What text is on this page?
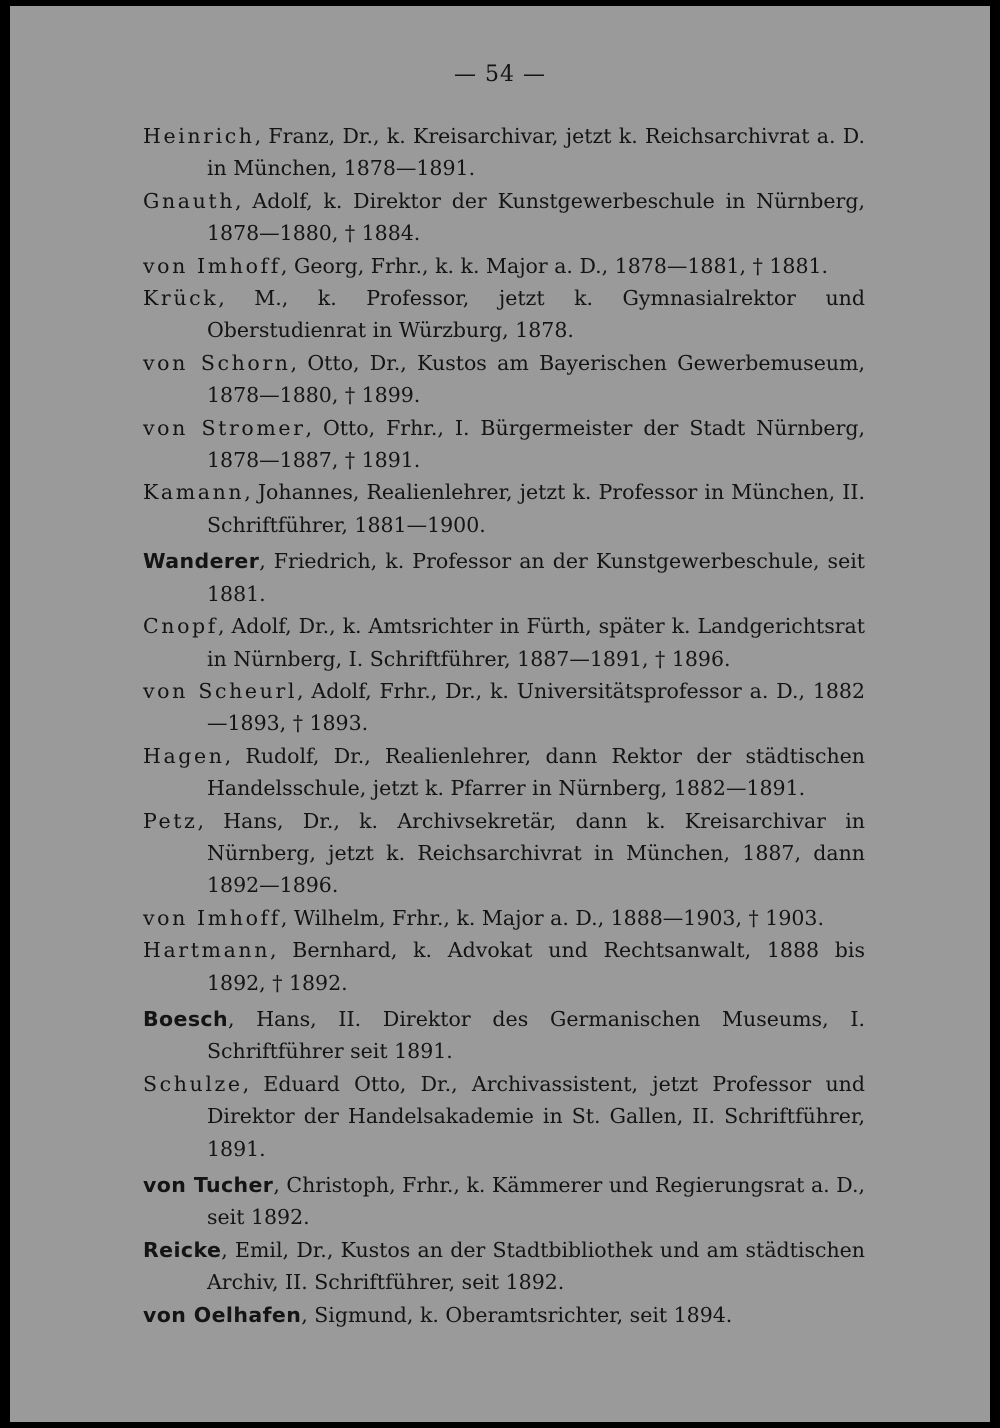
— 54 —

Heinrich, Franz, Dr., k. Kreisarchivar, jetzt k. Reichsarchivrat a. D. in München, 1878—1891.

Gnauth, Adolf, k. Direktor der Kunstgewerbeschule in Nürnberg, 1878—1880, † 1884.

von Imhoff, Georg, Frhr., k. k. Major a. D., 1878—1881, † 1881.

Krück, M., k. Professor, jetzt k. Gymnasialrektor und Oberstudienrat in Würzburg, 1878.

von Schorn, Otto, Dr., Kustos am Bayerischen Gewerbemuseum, 1878—1880, † 1899.

von Stromer, Otto, Frhr., I. Bürgermeister der Stadt Nürnberg, 1878—1887, † 1891.

Kamann, Johannes, Realienlehrer, jetzt k. Professor in München, II. Schriftführer, 1881—1900.

Wanderer, Friedrich, k. Professor an der Kunstgewerbeschule, seit 1881.

Cnopf, Adolf, Dr., k. Amtsrichter in Fürth, später k. Landgerichtsrat in Nürnberg, I. Schriftführer, 1887—1891, † 1896.

von Scheurl, Adolf, Frhr., Dr., k. Universitätsprofessor a. D., 1882—1893, † 1893.

Hagen, Rudolf, Dr., Realienlehrer, dann Rektor der städtischen Handelsschule, jetzt k. Pfarrer in Nürnberg, 1882—1891.

Petz, Hans, Dr., k. Archivsekretär, dann k. Kreisarchivar in Nürnberg, jetzt k. Reichsarchivrat in München, 1887, dann 1892—1896.

von Imhoff, Wilhelm, Frhr., k. Major a. D., 1888—1903, † 1903.

Hartmann, Bernhard, k. Advokat und Rechtsanwalt, 1888 bis 1892, † 1892.

Boesch, Hans, II. Direktor des Germanischen Museums, I. Schriftführer seit 1891.

Schulze, Eduard Otto, Dr., Archivassistent, jetzt Professor und Direktor der Handelsakademie in St. Gallen, II. Schriftführer, 1891.

von Tucher, Christoph, Frhr., k. Kämmerer und Regierungsrat a. D., seit 1892.

Reicke, Emil, Dr., Kustos an der Stadtbibliothek und am städtischen Archiv, II. Schriftführer, seit 1892.

von Oelhafen, Sigmund, k. Oberamtsrichter, seit 1894.
